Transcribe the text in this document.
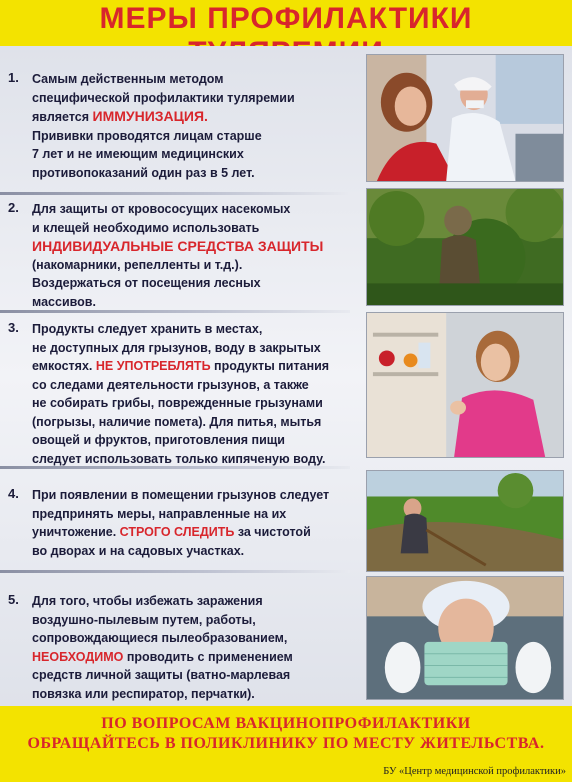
МЕРЫ ПРОФИЛАКТИКИ
1. Самым действенным методом
специфической профилактики туляремии
является ИММУНИЗАЦИЯ.
Прививки проводятся лицам старше
7 лет и не имеющим медицинских
противопоказаний один раз в 5 лет.
2. Для защиты от кровососущих насекомых
и клещей необходимо использовать
ИНДИВИДУАЛЬНЫЕ СРЕДСТВА ЗАЩИТЫ
(накомарники, репелленты и т.д.).
Воздержаться от посещения лесных
массивов.
3. Продукты следует хранить в местах,
не доступных для грызунов, воду в закрытых
емкостях. НЕ УПОТРЕБЛЯТЬ продукты питания
со следами деятельности грызунов, а также
не собирать грибы, поврежденные грызунами
(погрызы, наличие помета). Для питья, мытья
овощей и фруктов, приготовления пищи
следует использовать только кипяченую воду.
4. При появлении в помещении грызунов следует
предпринять меры, направленные на их
уничтожение. СТРОГО СЛЕДИТЬ за чистотой
во дворах и на садовых участках.
5. Для того, чтобы избежать заражения
воздушно-пылевым путем, работы,
сопровождающиеся пылеобразованием,
НЕОБХОДИМО проводить с применением
средств личной защиты (ватно-марлевая
повязка или респиратор, перчатки).
ПО ВОПРОСАМ ВАКЦИНОПРОФИЛАКТИКИ
ОБРАЩАЙТЕСЬ В ПОЛИКЛИНИКУ ПО МЕСТУ ЖИТЕЛЬСТВА.
БУ «Центр медицинской профилактики»
